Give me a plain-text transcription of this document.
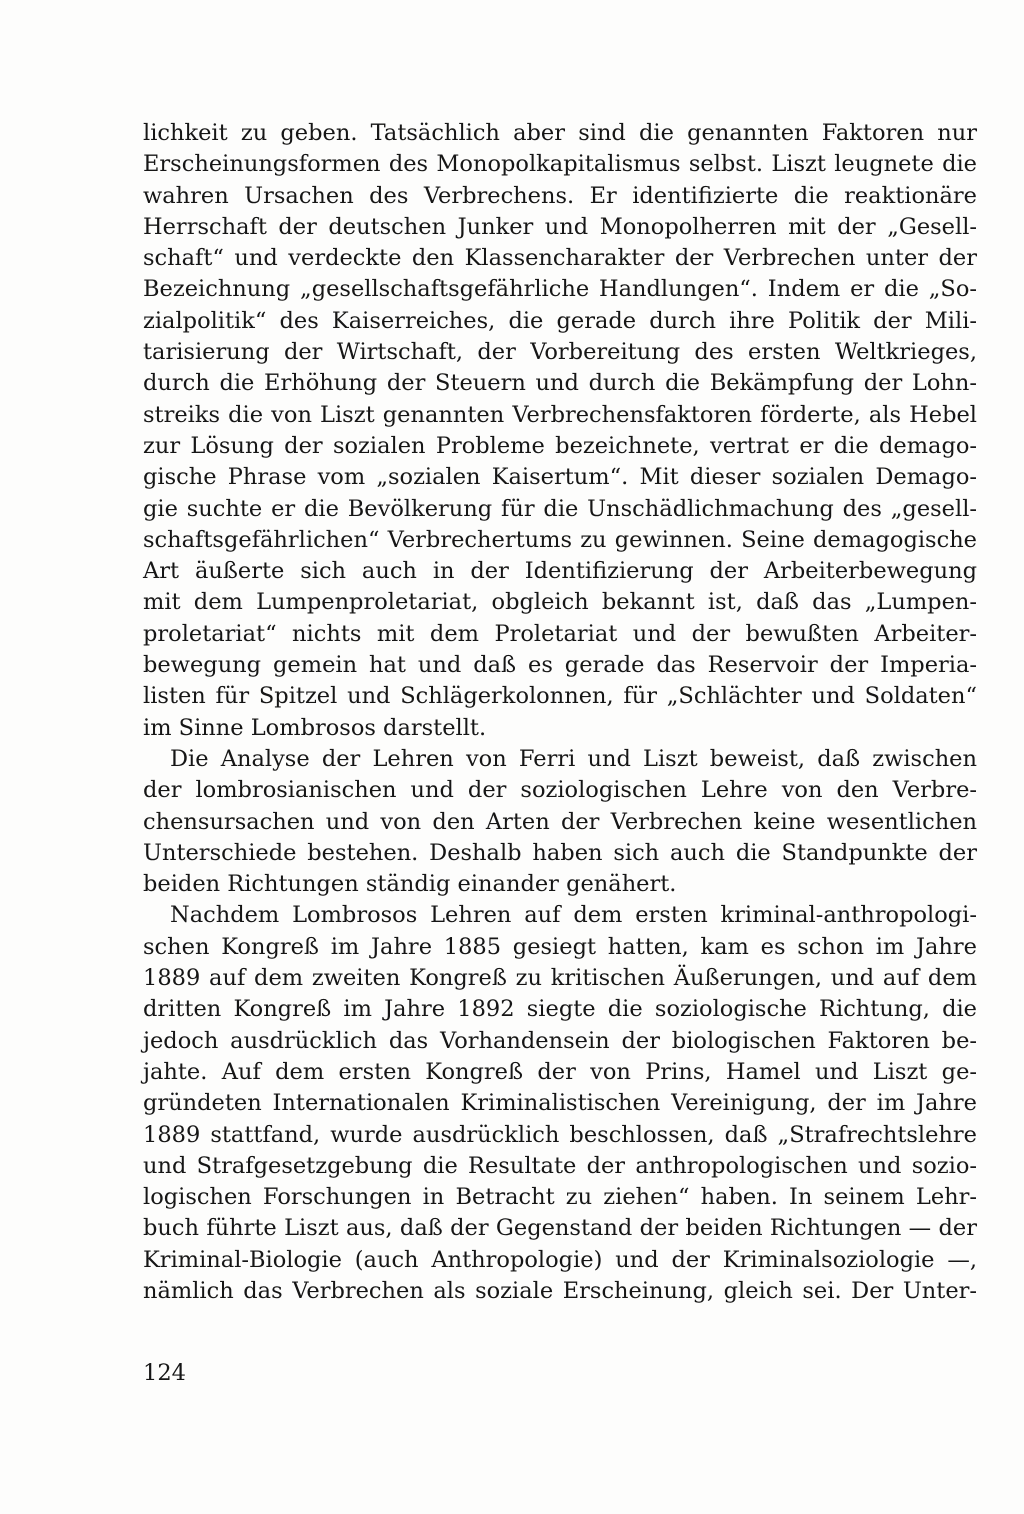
lichkeit zu geben. Tatsächlich aber sind die genannten Faktoren nur
Erscheinungsformen des Monopolkapitalismus selbst. Liszt leugnete die
wahren Ursachen des Verbrechens. Er identifizierte die reaktionäre
Herrschaft der deutschen Junker und Monopolherren mit der „Gesell-
schaft“ und verdeckte den Klassencharakter der Verbrechen unter der
Bezeichnung „gesellschaftsgefährliche Handlungen“. Indem er die „So-
zialpolitik“ des Kaiserreiches, die gerade durch ihre Politik der Mili-
tarisierung der Wirtschaft, der Vorbereitung des ersten Weltkrieges,
durch die Erhöhung der Steuern und durch die Bekämpfung der Lohn-
streiks die von Liszt genannten Verbrechensfaktoren förderte, als Hebel
zur Lösung der sozialen Probleme bezeichnete, vertrat er die demago-
gische Phrase vom „sozialen Kaisertum“. Mit dieser sozialen Demago-
gie suchte er die Bevölkerung für die Unschädlichmachung des „gesell-
schaftsgefährlichen“ Verbrechertums zu gewinnen. Seine demagogische
Art äußerte sich auch in der Identifizierung der Arbeiterbewegung
mit dem Lumpenproletariat, obgleich bekannt ist, daß das „Lumpen-
proletariat“ nichts mit dem Proletariat und der bewußten Arbeiter-
bewegung gemein hat und daß es gerade das Reservoir der Imperia-
listen für Spitzel und Schlägerkolonnen, für „Schlächter und Soldaten“
im Sinne Lombrosos darstellt.
Die Analyse der Lehren von Ferri und Liszt beweist, daß zwischen
der lombrosianischen und der soziologischen Lehre von den Verbre-
chensursachen und von den Arten der Verbrechen keine wesentlichen
Unterschiede bestehen. Deshalb haben sich auch die Standpunkte der
beiden Richtungen ständig einander genähert.
Nachdem Lombrosos Lehren auf dem ersten kriminal-anthropologi-
schen Kongreß im Jahre 1885 gesiegt hatten, kam es schon im Jahre
1889 auf dem zweiten Kongreß zu kritischen Äußerungen, und auf dem
dritten Kongreß im Jahre 1892 siegte die soziologische Richtung, die
jedoch ausdrücklich das Vorhandensein der biologischen Faktoren be-
jahte. Auf dem ersten Kongreß der von Prins, Hamel und Liszt ge-
gründeten Internationalen Kriminalistischen Vereinigung, der im Jahre
1889 stattfand, wurde ausdrücklich beschlossen, daß „Strafrechtslehre
und Strafgesetzgebung die Resultate der anthropologischen und sozio-
logischen Forschungen in Betracht zu ziehen“ haben. In seinem Lehr-
buch führte Liszt aus, daß der Gegenstand der beiden Richtungen — der
Kriminal-Biologie (auch Anthropologie) und der Kriminalsoziologie —,
nämlich das Verbrechen als soziale Erscheinung, gleich sei. Der Unter-
124
